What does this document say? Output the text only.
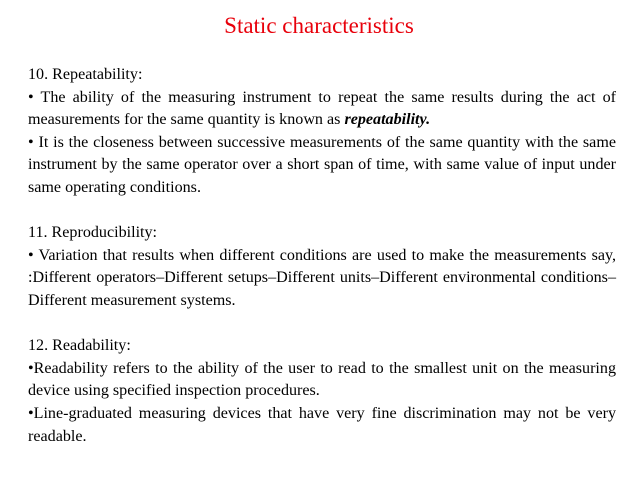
Static characteristics

10. Repeatability:

• The ability of the measuring instrument to repeat the same results during the act of measurements for the same quantity is known as repeatability.

• It is the closeness between successive measurements of the same quantity with the same instrument by the same operator over a short span of time, with same value of input under same operating conditions.

11. Reproducibility:

• Variation that results when different conditions are used to make the measurements say, :Different operators–Different setups–Different units–Different environmental conditions–Different measurement systems.

12. Readability:

•Readability refers to the ability of the user to read to the smallest unit on the measuring device using specified inspection procedures.

•Line-graduated measuring devices that have very fine discrimination may not be very readable.
